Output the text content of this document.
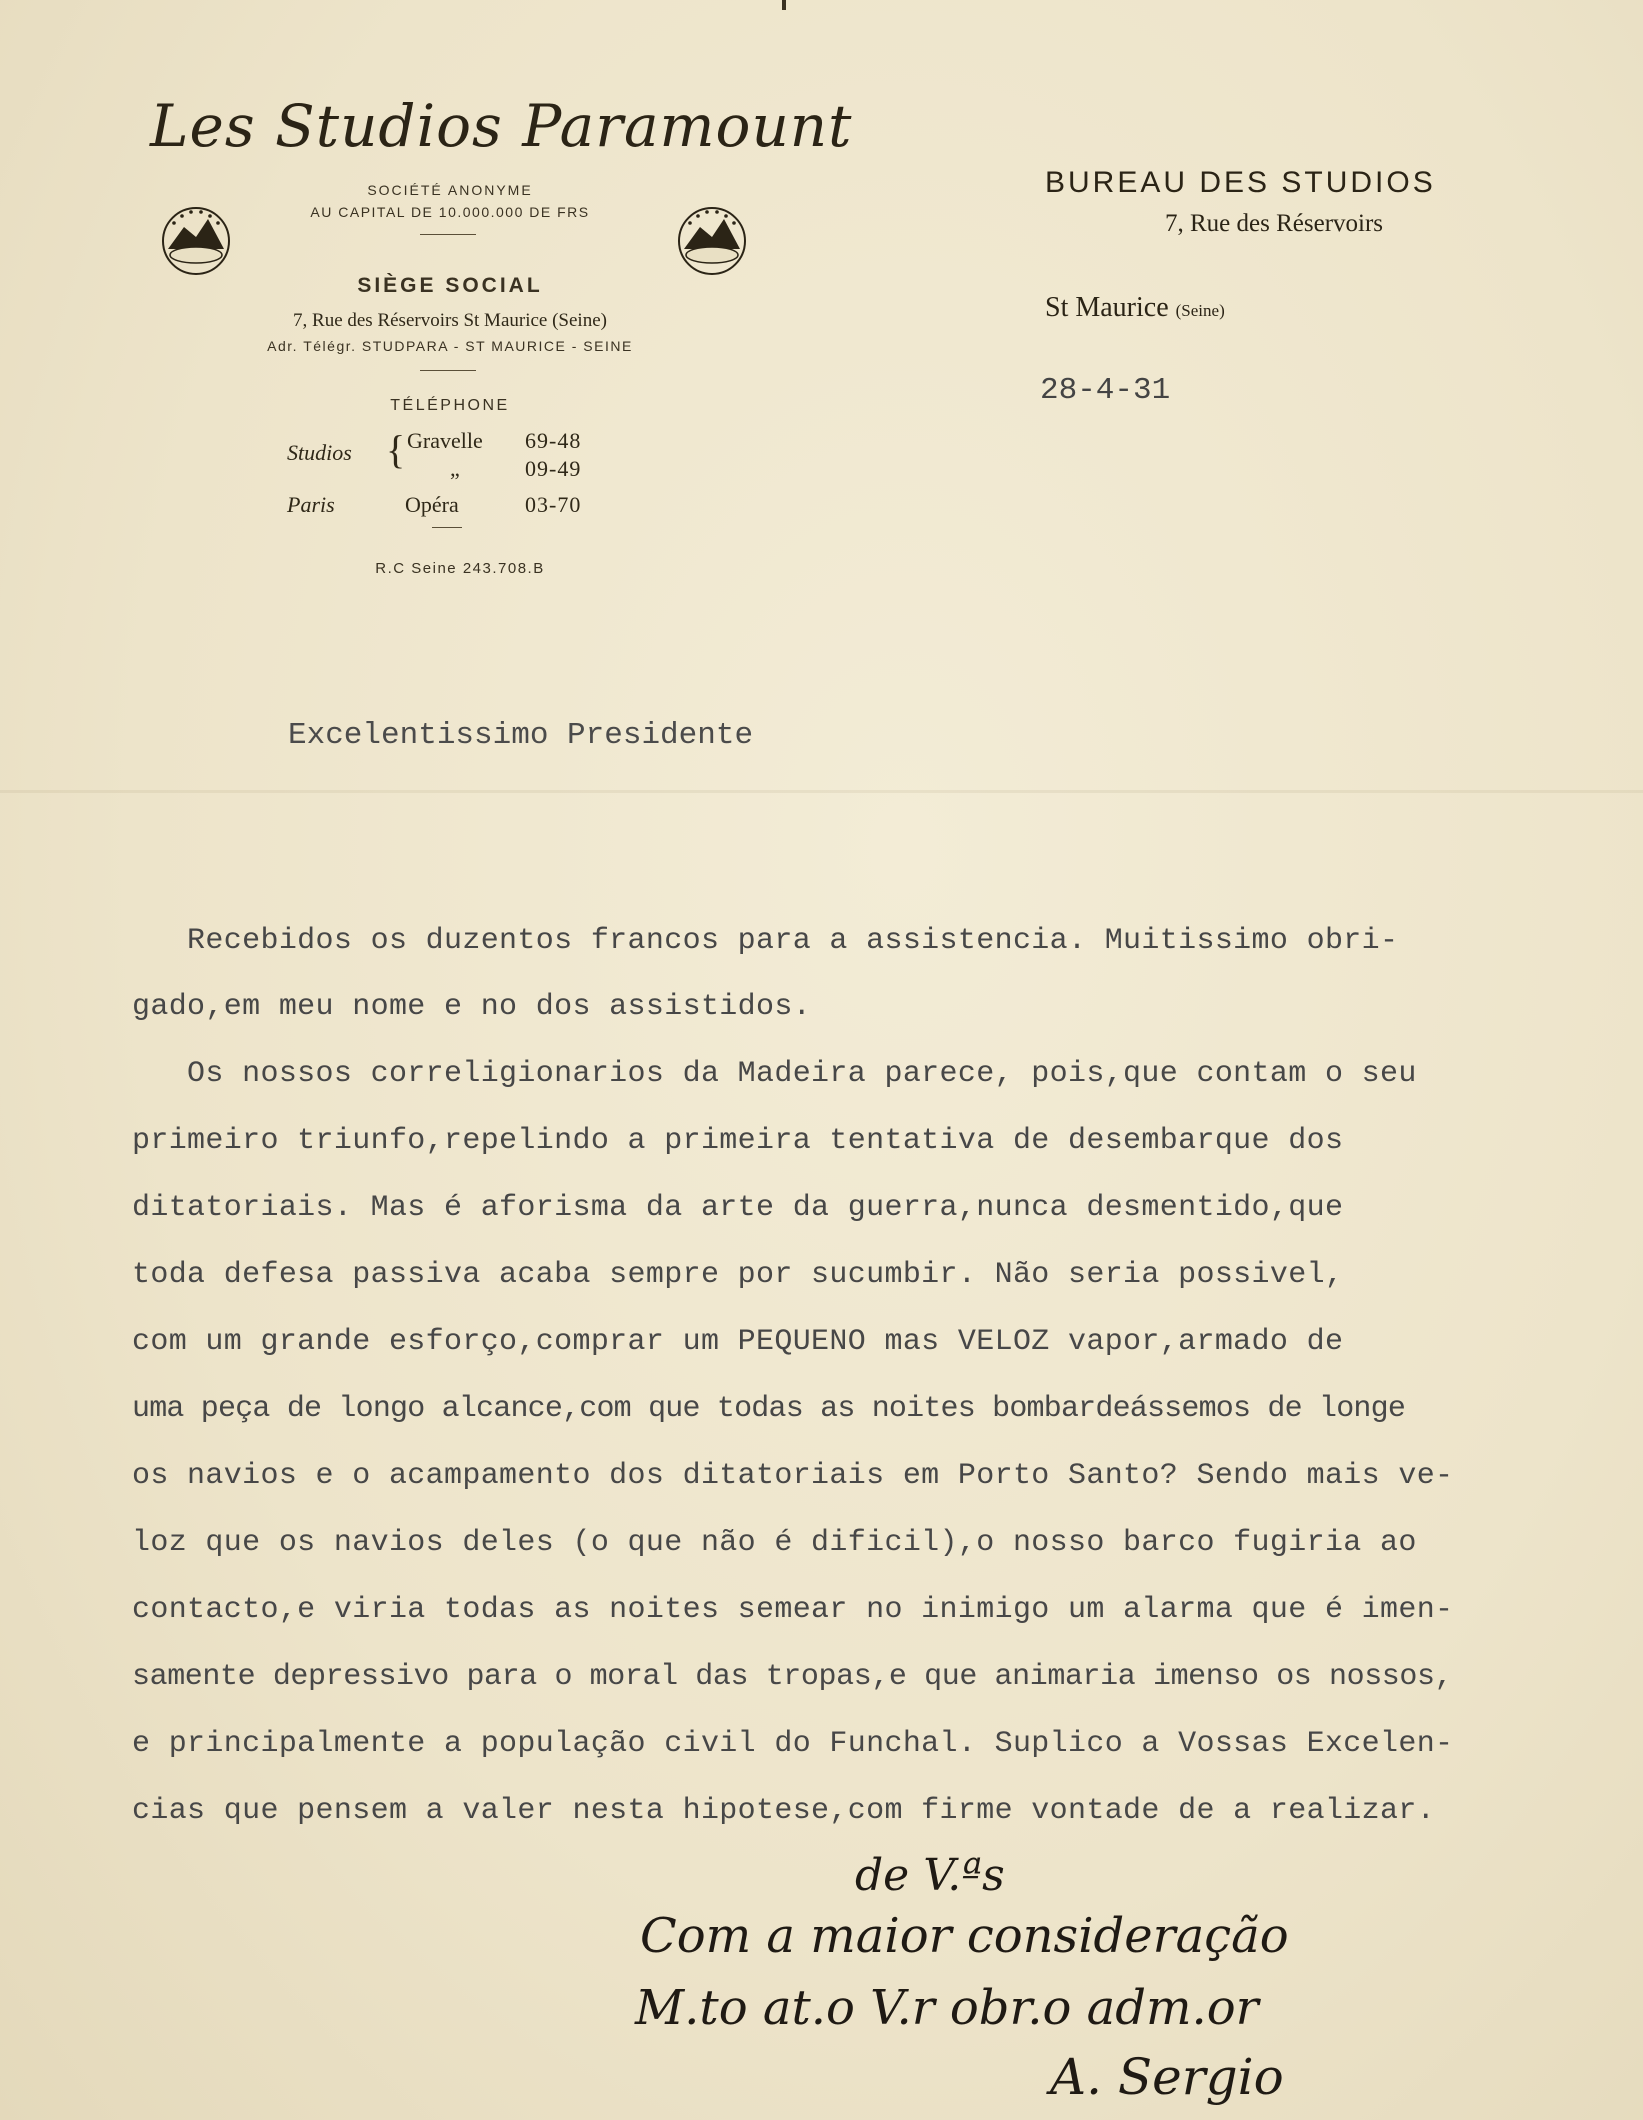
Les Studios Paramount
SOCIÉTÉ ANONYME
AU CAPITAL DE 10.000.000 DE FRS
SIÈGE SOCIAL
7, Rue des Réservoirs St Maurice (Seine)
Adr. Télégr. STUDPARA - ST MAURICE - SEINE
TÉLÉPHONE
Studios { Gravelle 69-48
„	09-49
Paris	Opéra	03-70
R.C Seine 243.708.B
BUREAU DES STUDIOS
7, Rue des Réservoirs
St Maurice (Seine)
28-4-31
Excelentissimo Presidente
Recebidos os duzentos francos para a assistencia. Muitissimo obri-
gado,em meu nome e no dos assistidos.
Os nossos correligionarios da Madeira parece, pois,que contam o seu
primeiro triunfo,repelindo a primeira tentativa de desembarque dos
ditatoriais. Mas é aforisma da arte da guerra,nunca desmentido,que
toda defesa passiva acaba sempre por sucumbir. Não seria possivel,
com um grande esforço,comprar um PEQUENO mas VELOZ vapor,armado de
uma peça de longo alcance,com que todas as noites bombardeássemos de longe
os navios e o acampamento dos ditatoriais em Porto Santo? Sendo mais ve-
loz que os navios deles (o que não é dificil),o nosso barco fugiria ao
contacto,e viria todas as noites semear no inimigo um alarma que é imen-
samente depressivo para o moral das tropas,e que animaria imenso os nossos,
e principalmente a população civil do Funchal. Suplico a Vossas Excelen-
cias que pensem a valer nesta hipotese,com firme vontade de a realizar.
de V.ªs
Com a maior consideração
M.to at.o V.r obr.o adm.or
A. Sergio
